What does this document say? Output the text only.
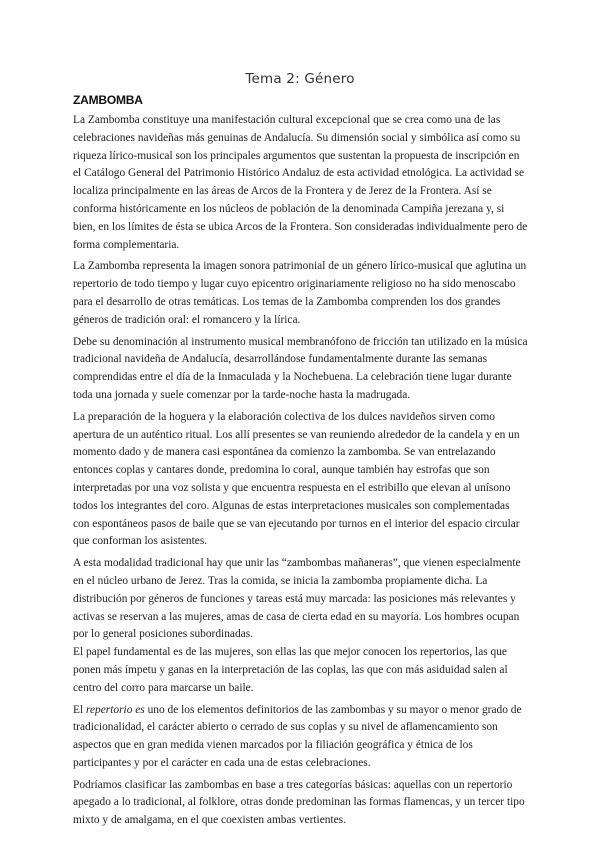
Tema 2: Género
ZAMBOMBA

La Zambomba constituye una manifestación cultural excepcional que se crea como una de las celebraciones navideñas más genuinas de Andalucía. Su dimensión social y simbólica así como su riqueza lírico-musical son los principales argumentos que sustentan la propuesta de inscripción en el Catálogo General del Patrimonio Histórico Andaluz de esta actividad etnológica. La actividad se localiza principalmente en las áreas de Arcos de la Frontera y de Jerez de la Frontera. Así se conforma históricamente en los núcleos de población de la denominada Campiña jerezana y, si bien, en los límites de ésta se ubica Arcos de la Frontera. Son consideradas individualmente pero de forma complementaria.

La Zambomba representa la imagen sonora patrimonial de un género lírico-musical que aglutina un repertorio de todo tiempo y lugar cuyo epicentro originariamente religioso no ha sido menoscabo para el desarrollo de otras temáticas. Los temas de la Zambomba comprenden los dos grandes géneros de tradición oral: el romancero y la lírica.

Debe su denominación al instrumento musical membranófono de fricción tan utilizado en la música tradicional navideña de Andalucía, desarrollándose fundamentalmente durante las semanas comprendidas entre el día de la Inmaculada y la Nochebuena. La celebración tiene lugar durante toda una jornada y suele comenzar por la tarde-noche hasta la madrugada.

La preparación de la hoguera y la elaboración colectiva de los dulces navideños sirven como apertura de un auténtico ritual. Los allí presentes se van reuniendo alrededor de la candela y en un momento dado y de manera casi espontánea da comienzo la zambomba. Se van entrelazando entonces coplas y cantares donde, predomina lo coral, aunque también hay estrofas que son interpretadas por una voz solista y que encuentra respuesta en el estribillo que elevan al unísono todos los integrantes del coro. Algunas de estas interpretaciones musicales son complementadas con espontáneos pasos de baile que se van ejecutando por turnos en el interior del espacio circular que conforman los asistentes.

A esta modalidad tradicional hay que unir las “zambombas mañaneras”, que vienen especialmente en el núcleo urbano de Jerez. Tras la comida, se inicia la zambomba propiamente dicha. La distribución por géneros de funciones y tareas está muy marcada: las posiciones más relevantes y activas se reservan a las mujeres, amas de casa de cierta edad en su mayoría. Los hombres ocupan por lo general posiciones subordinadas.

El papel fundamental es de las mujeres, son ellas las que mejor conocen los repertorios, las que ponen más ímpetu y ganas en la interpretación de las coplas, las que con más asiduidad salen al centro del corro para marcarse un baile.

El repertorio es uno de los elementos definitorios de las zambombas y su mayor o menor grado de tradicionalidad, el carácter abierto o cerrado de sus coplas y su nivel de aflamencamiento son aspectos que en gran medida vienen marcados por la filiación geográfica y étnica de los participantes y por el carácter en cada una de estas celebraciones.

Podríamos clasificar las zambombas en base a tres categorías básicas: aquellas con un repertorio apegado a lo tradicional, al folklore, otras donde predominan las formas flamencas, y un tercer tipo mixto y de amalgama, en el que coexisten ambas vertientes.
